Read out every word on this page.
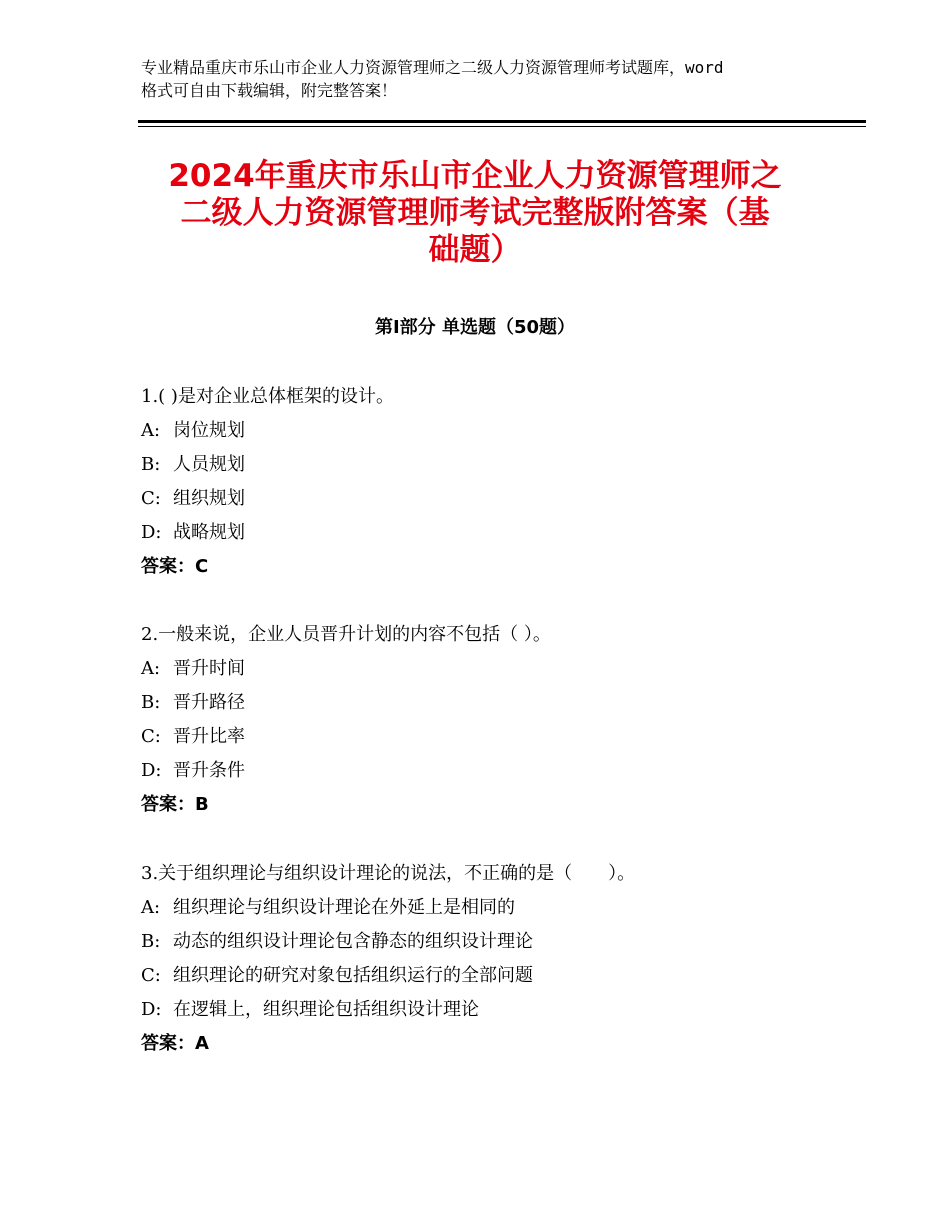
专业精品重庆市乐山市企业人力资源管理师之二级人力资源管理师考试题库，word
格式可自由下载编辑，附完整答案！
2024年重庆市乐山市企业人力资源管理师之
二级人力资源管理师考试完整版附答案（基
础题）
第Ⅰ部分 单选题（50题）
1.( )是对企业总体框架的设计。
A: 岗位规划
B: 人员规划
C: 组织规划
D: 战略规划
答案：C
2.一般来说，企业人员晋升计划的内容不包括（ ）。
A: 晋升时间
B: 晋升路径
C: 晋升比率
D: 晋升条件
答案：B
3.关于组织理论与组织设计理论的说法，不正确的是（　　）。
A: 组织理论与组织设计理论在外延上是相同的
B: 动态的组织设计理论包含静态的组织设计理论
C: 组织理论的研究对象包括组织运行的全部问题
D: 在逻辑上，组织理论包括组织设计理论
答案：A
